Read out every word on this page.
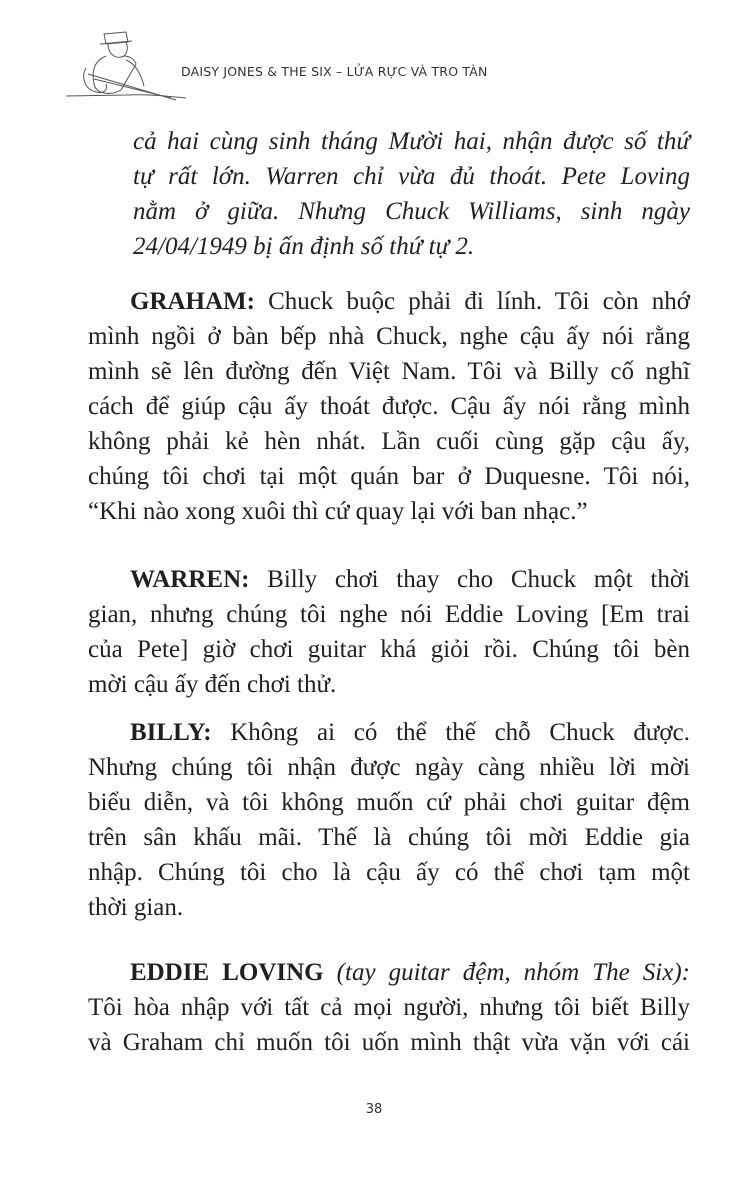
DAISY JONES & THE SIX – LỬA RỰC VÀ TRO TÀN
cả hai cùng sinh tháng Mười hai, nhận được số thứ
tự rất lớn. Warren chỉ vừa đủ thoát. Pete Loving
nằm ở giữa. Nhưng Chuck Williams, sinh ngày
24/04/1949 bị ấn định số thứ tự 2.
GRAHAM: Chuck buộc phải đi lính. Tôi còn nhớ
mình ngồi ở bàn bếp nhà Chuck, nghe cậu ấy nói rằng
mình sẽ lên đường đến Việt Nam. Tôi và Billy cố nghĩ
cách để giúp cậu ấy thoát được. Cậu ấy nói rằng mình
không phải kẻ hèn nhát. Lần cuối cùng gặp cậu ấy,
chúng tôi chơi tại một quán bar ở Duquesne. Tôi nói,
“Khi nào xong xuôi thì cứ quay lại với ban nhạc.”
WARREN: Billy chơi thay cho Chuck một thời
gian, nhưng chúng tôi nghe nói Eddie Loving [Em trai
của Pete] giờ chơi guitar khá giỏi rồi. Chúng tôi bèn
mời cậu ấy đến chơi thử.
BILLY: Không ai có thể thế chỗ Chuck được.
Nhưng chúng tôi nhận được ngày càng nhiều lời mời
biểu diễn, và tôi không muốn cứ phải chơi guitar đệm
trên sân khấu mãi. Thế là chúng tôi mời Eddie gia
nhập. Chúng tôi cho là cậu ấy có thể chơi tạm một
thời gian.
EDDIE LOVING (tay guitar đệm, nhóm The Six):
Tôi hòa nhập với tất cả mọi người, nhưng tôi biết Billy
và Graham chỉ muốn tôi uốn mình thật vừa vặn với cái
38
